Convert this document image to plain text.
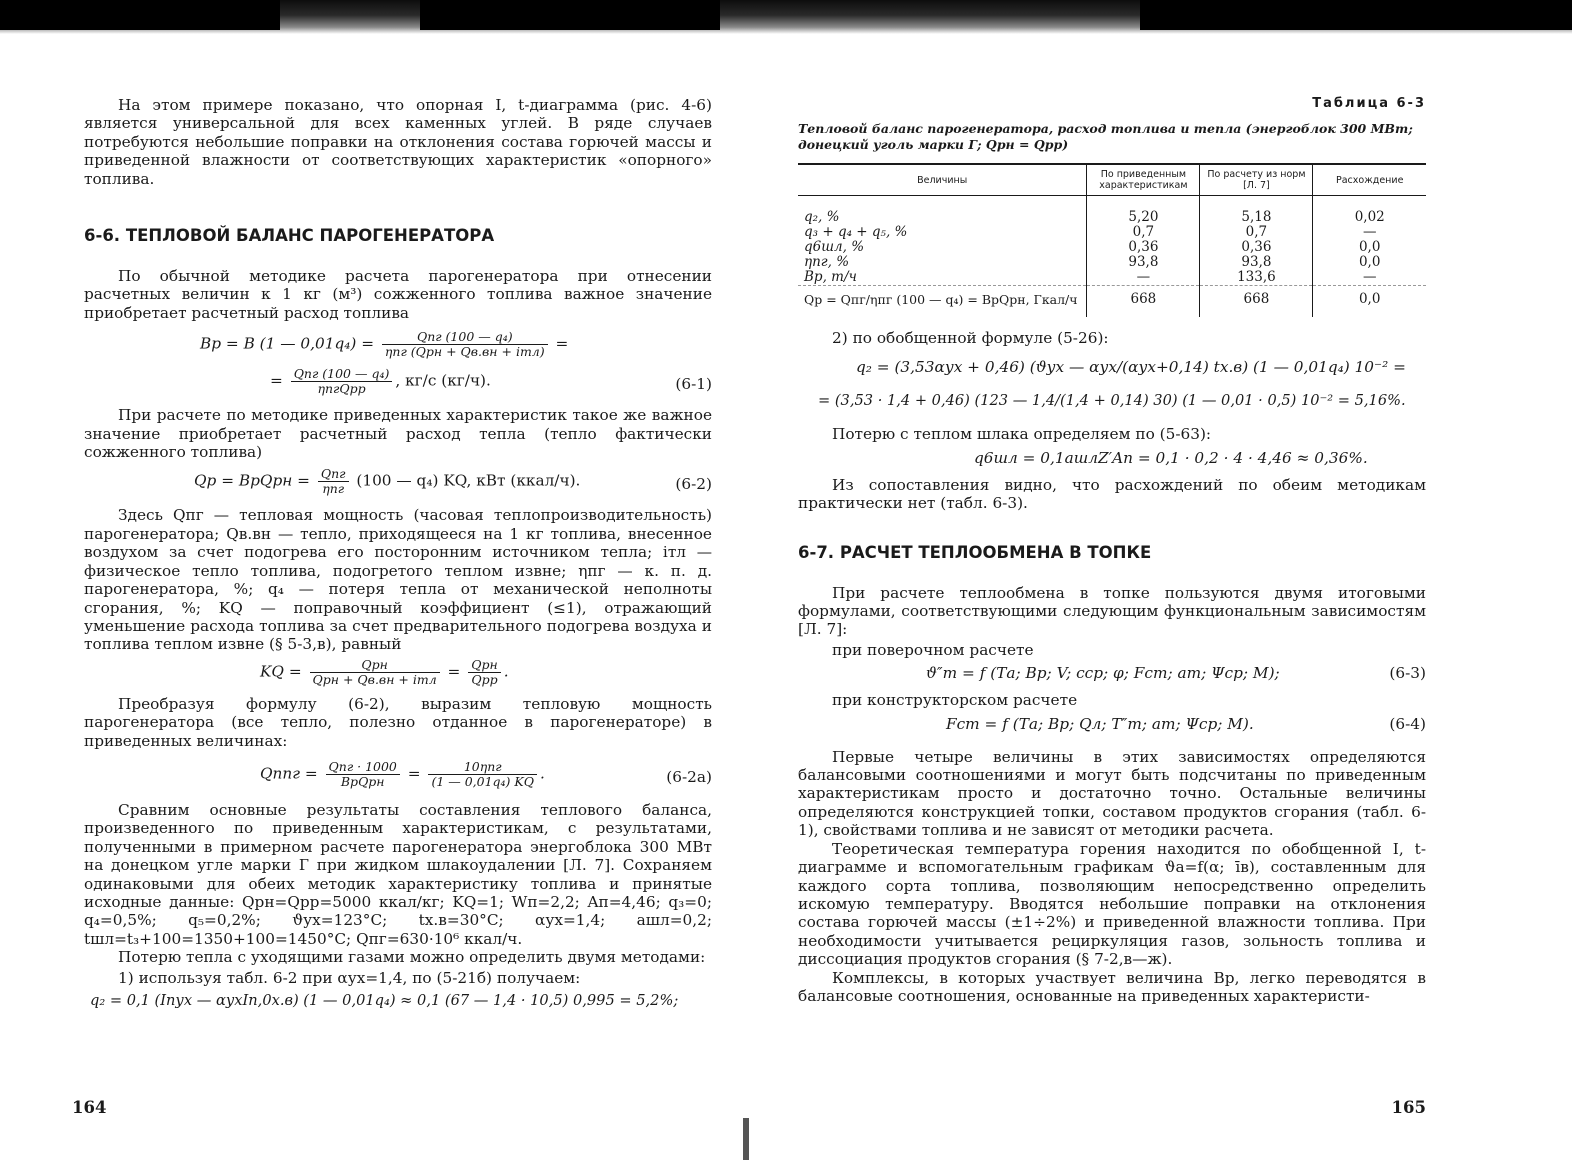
На этом примере показано, что опорная I, t-диаграмма (рис. 4-6) является универсальной для всех каменных углей. В ряде случаев потребуются небольшие поправки на отклонения состава горючей массы и приведенной влажности от соответствующих характеристик «опорного» топлива.

6-6. ТЕПЛОВОЙ БАЛАНС ПАРОГЕНЕРАТОРА

По обычной методике расчета парогенератора при отнесении расчетных величин к 1 кг (м³) сожженного топлива важное значение приобретает расчетный расход топлива

Bр = B (1 — $0,01q_4) = \frac{\text{Qпг (100 — q₄)}}{\text{ηпг (Qрн + Qв.вн + iтл)}}$ =
= $\frac{\text{Qпг (100 — q₄)}}{\text{ηпгQрр}}$ , кг/с (кг/ч).	(6-1)

При расчете по методике приведенных характеристик такое же важное значение приобретает расчетный расход тепла (тепло фактически сожженного топлива)

Qр = BрQрн = $\frac{\text{Qпг}}{\text{ηпг}} (100$ — q₄) KQ, кВт (ккал/ч).	(6-2)

Здесь Qпг — тепловая мощность (часовая теплопроизводительность) парогенератора; Qв.вн — тепло, приходящееся на 1 кг топлива, внесенное воздухом за счет подогрева его посторонним источником тепла; iтл — физическое тепло топлива, подогретого теплом извне; ηпг — к. п. д. парогенератора, %; q₄ — потеря тепла от механической неполноты сгорания, %; KQ — поправочный коэффициент (≤1), отражающий уменьшение расхода топлива за счет предварительного подогрева воздуха и топлива теплом извне (§ 5-3,в), равный

KQ = $\frac{\text{Qрн}}{\text{Qрн + Qв.вн + iтл}} = \frac{\text{Qрн}}{\text{Qрр}}$ .

Преобразуя формулу (6-2), выразим тепловую мощность парогенератора (все тепло, полезно отданное в парогенераторе) в приведенных величинах:

Qппг = $\frac{\text{Qпг · 1000}}{\text{BрQрн}} = \frac{\text{10ηпг}}{\text{(1 — 0,01q₄) KQ}}$ .	(6-2а)

Сравним основные результаты составления теплового баланса, произведенного по приведенным характеристикам, с результатами, полученными в примерном расчете парогенератора энергоблока 300 МВт на донецком угле марки Г при жидком шлакоудалении [Л. 7]. Сохраняем одинаковыми для обеих методик характеристику топлива и принятые исходные данные: Qрн=Qрр=5000 ккал/кг; KQ=1; Wп=2,2; Aп=4,46; q₃=0; q₄=0,5%; q₅=0,2%; ϑух=123°С; tх.в=30°С; αух=1,4; aшл=0,2; tшл=t₃+100=1350+100=1450°С; Qпг=630·10⁶ ккал/ч.

Потерю тепла с уходящими газами можно определить двумя методами:

1) используя табл. 6-2 при αух=1,4, по (5-21б) получаем:

q₂ = 0,1 (Iпух — αухIп,0х.в) (1 — 0,01q₄) ≈ 0,1 (67 — 1,4 · 10,5) 0,995 = 5,2%;
164
Таблица 6-3
Тепловой баланс парогенератора, расход топлива и тепла (энергоблок 300 МВт; донецкий уголь марки Г; Qрн = Qрр)
Величины	По приведенным характеристикам	По расчету из норм [Л. 7]	Расхождение
q₂, %	5,20	5,18	0,02
q₃ + q₄ + q₅, %	0,7	0,7	—
q6шл, %	0,36	0,36	0,0
ηпг, %	93,8	93,8	0,0
Bр, т/ч	—	133,6	—
Qр = Qпг/ηпг (100 — q₄) = BрQрн, Гкал/ч	668	668	0,0

2) по обобщенной формуле (5-26):

q₂ = (3,53αух + 0,46) (ϑух — αух/(αух+0,14) tх.в) (1 — 0,01q₄) 10⁻² =
= (3,53 · 1,4 + 0,46) (123 — 1,4/(1,4 + 0,14) 30) (1 — 0,01 · 0,5) 10⁻² = 5,16%.

Потерю с теплом шлака определяем по (5-63):

q6шл = 0,1aшлZ′Aп = 0,1 · 0,2 · 4 · 4,46 ≈ 0,36%.

Из сопоставления видно, что расхождений по обеим методикам практически нет (табл. 6-3).

6-7. РАСЧЕТ ТЕПЛООБМЕНА В ТОПКЕ

При расчете теплообмена в топке пользуются двумя итоговыми формулами, соответствующими следующим функциональным зависимостям [Л. 7]:

при поверочном расчете

ϑ″т = f (Tа; Bр; V; cср; φ; Fст; aт; Ψср; M);	(6-3)

при конструкторском расчете

Fст = f (Tа; Bр; Qл; T″т; aт; Ψср; M).	(6-4)

Первые четыре величины в этих зависимостях определяются балансовыми соотношениями и могут быть подсчитаны по приведенным характеристикам просто и достаточно точно. Остальные величины определяются конструкцией топки, составом продуктов сгорания (табл. 6-1), свойствами топлива и не зависят от методики расчета.

Теоретическая температура горения находится по обобщенной I, t-диаграмме и вспомогательным графикам ϑа=f(α; īв), составленным для каждого сорта топлива, позволяющим непосредственно определить искомую температуру. Вводятся небольшие поправки на отклонения состава горючей массы (±1÷2%) и приведенной влажности топлива. При необходимости учитывается рециркуляция газов, зольность топлива и диссоциация продуктов сгорания (§ 7-2,в—ж).

Комплексы, в которых участвует величина Bр, легко переводятся в балансовые соотношения, основанные на приведенных характеристи-

165
